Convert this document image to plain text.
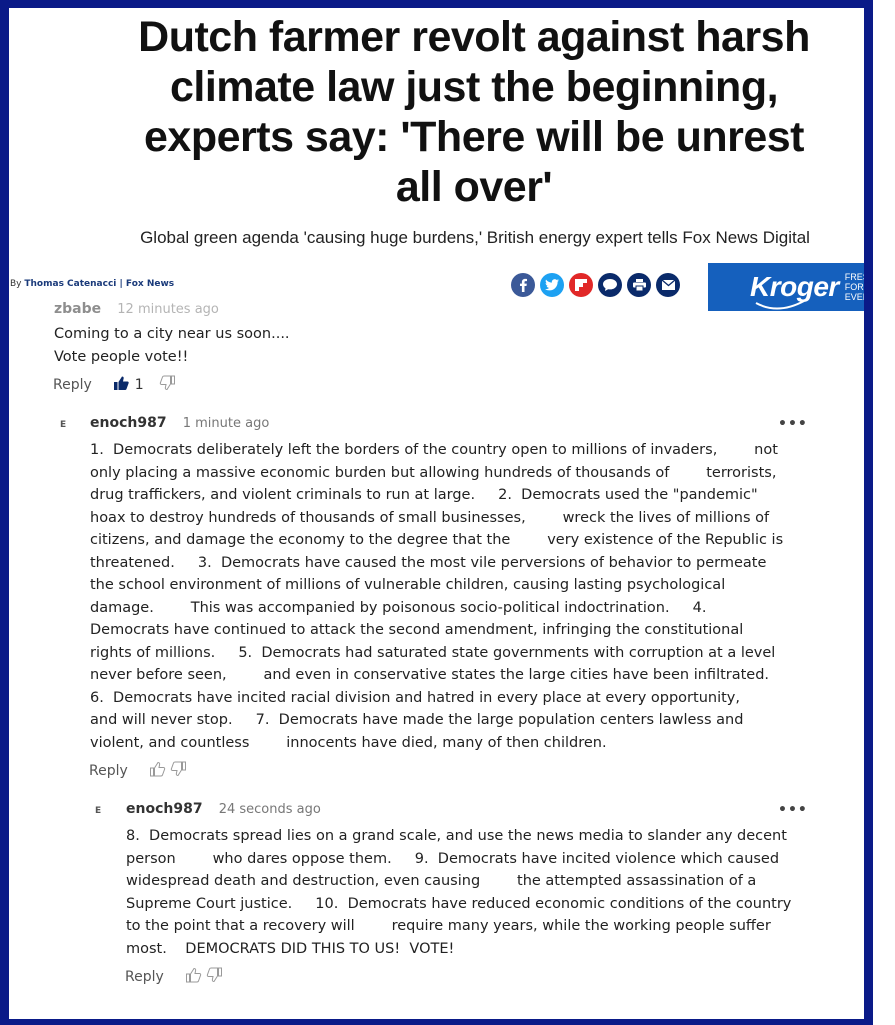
Ed... Published ... 2022 ... PM EDT
Dutch farmer revolt against harsh climate law just the beginning, experts say: 'There will be unrest all over'
Global green agenda 'causing huge burdens,' British energy expert tells Fox News Digital
By Thomas Catenacci | Fox News	Kroger FRESH
FOR
EVERYONE
zbabe 12 minutes ago
Coming to a city near us soon....
Vote people vote!!
Reply	1
E enoch987 1 minute ago	•••
1.  Democrats deliberately left the borders of the country open to millions of invaders,        not only placing a massive economic burden but allowing hundreds of thousands of        terrorists, drug traffickers, and violent criminals to run at large.     2.  Democrats used the "pandemic" hoax to destroy hundreds of thousands of small businesses,        wreck the lives of millions of citizens, and damage the economy to the degree that the        very existence of the Republic is threatened.     3.  Democrats have caused the most vile perversions of behavior to permeate the school environment of millions of vulnerable children, causing lasting psychological damage.        This was accompanied by poisonous socio-political indoctrination.     4.  Democrats have continued to attack the second amendment, infringing the constitutional        rights of millions.     5.  Democrats had saturated state governments with corruption at a level never before seen,        and even in conservative states the large cities have been infiltrated.     6.  Democrats have incited racial division and hatred in every place at every opportunity,        and will never stop.     7.  Democrats have made the large population centers lawless and violent, and countless        innocents have died, many of then children.
Reply
E enoch987 24 seconds ago	•••
8.  Democrats spread lies on a grand scale, and use the news media to slander any decent person        who dares oppose them.     9.  Democrats have incited violence which caused widespread death and destruction, even causing        the attempted assassination of a Supreme Court justice.     10.  Democrats have reduced economic conditions of the country to the point that a recovery will        require many years, while the working people suffer most.    DEMOCRATS DID THIS TO US!  VOTE!
Reply
